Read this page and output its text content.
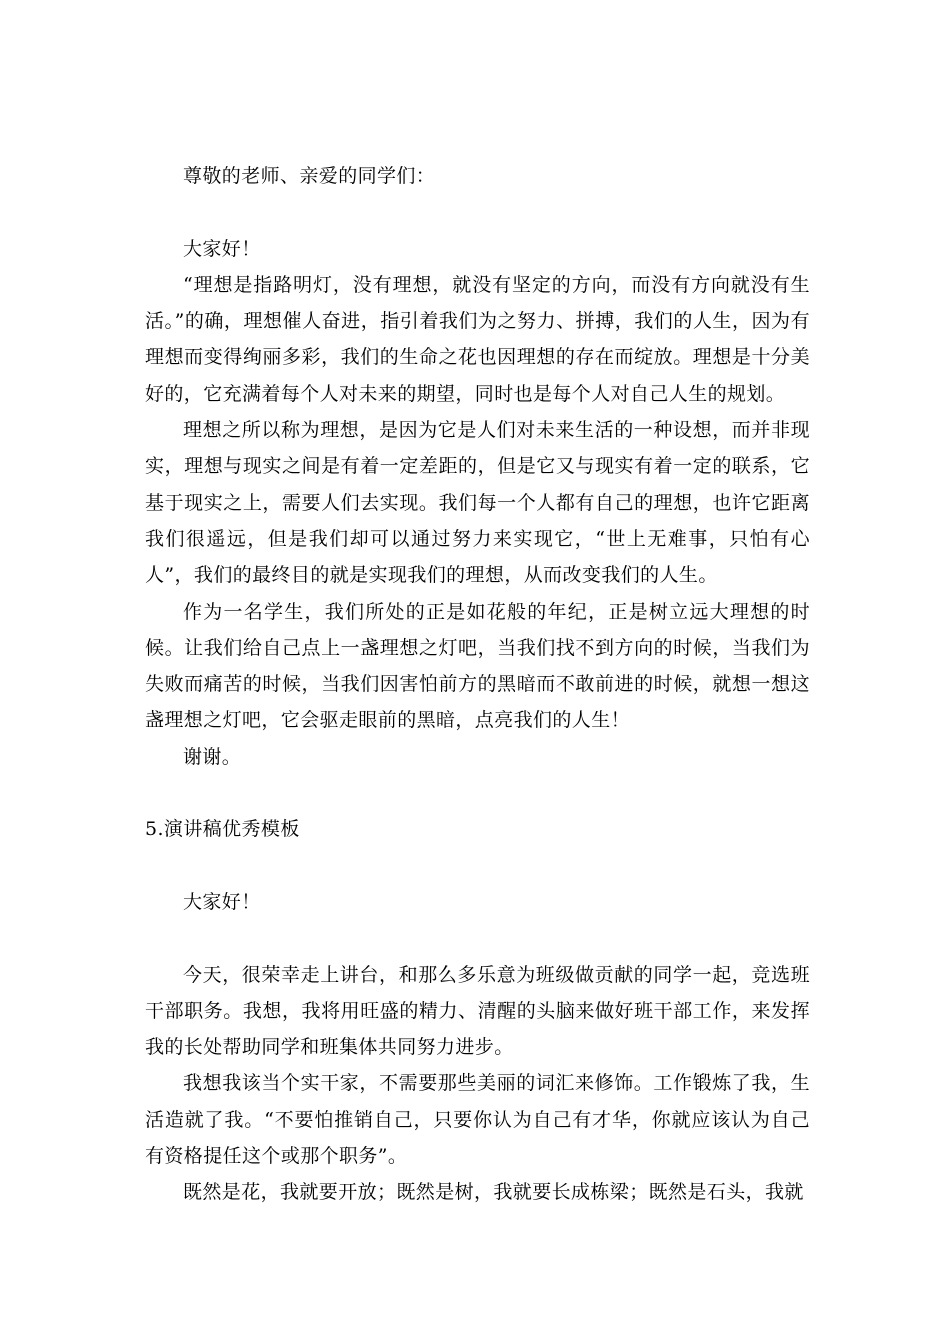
尊敬的老师、亲爱的同学们：

大家好！

“理想是指路明灯，没有理想，就没有坚定的方向，而没有方向就没有生活。”的确，理想催人奋进，指引着我们为之努力、拼搏，我们的人生，因为有理想而变得绚丽多彩，我们的生命之花也因理想的存在而绽放。理想是十分美好的，它充满着每个人对未来的期望，同时也是每个人对自己人生的规划。

理想之所以称为理想，是因为它是人们对未来生活的一种设想，而并非现实，理想与现实之间是有着一定差距的，但是它又与现实有着一定的联系，它基于现实之上，需要人们去实现。我们每一个人都有自己的理想，也许它距离我们很遥远，但是我们却可以通过努力来实现它，“世上无难事，只怕有心人”，我们的最终目的就是实现我们的理想，从而改变我们的人生。

作为一名学生，我们所处的正是如花般的年纪，正是树立远大理想的时候。让我们给自己点上一盏理想之灯吧，当我们找不到方向的时候，当我们为失败而痛苦的时候，当我们因害怕前方的黑暗而不敢前进的时候，就想一想这盏理想之灯吧，它会驱走眼前的黑暗，点亮我们的人生！

谢谢。

5.演讲稿优秀模板

大家好！

今天，很荣幸走上讲台，和那么多乐意为班级做贡献的同学一起，竞选班干部职务。我想，我将用旺盛的精力、清醒的头脑来做好班干部工作，来发挥我的长处帮助同学和班集体共同努力进步。

我想我该当个实干家，不需要那些美丽的词汇来修饰。工作锻炼了我，生活造就了我。“不要怕推销自己，只要你认为自己有才华，你就应该认为自己有资格提任这个或那个职务”。

既然是花，我就要开放；既然是树，我就要长成栋梁；既然是石头，我就
